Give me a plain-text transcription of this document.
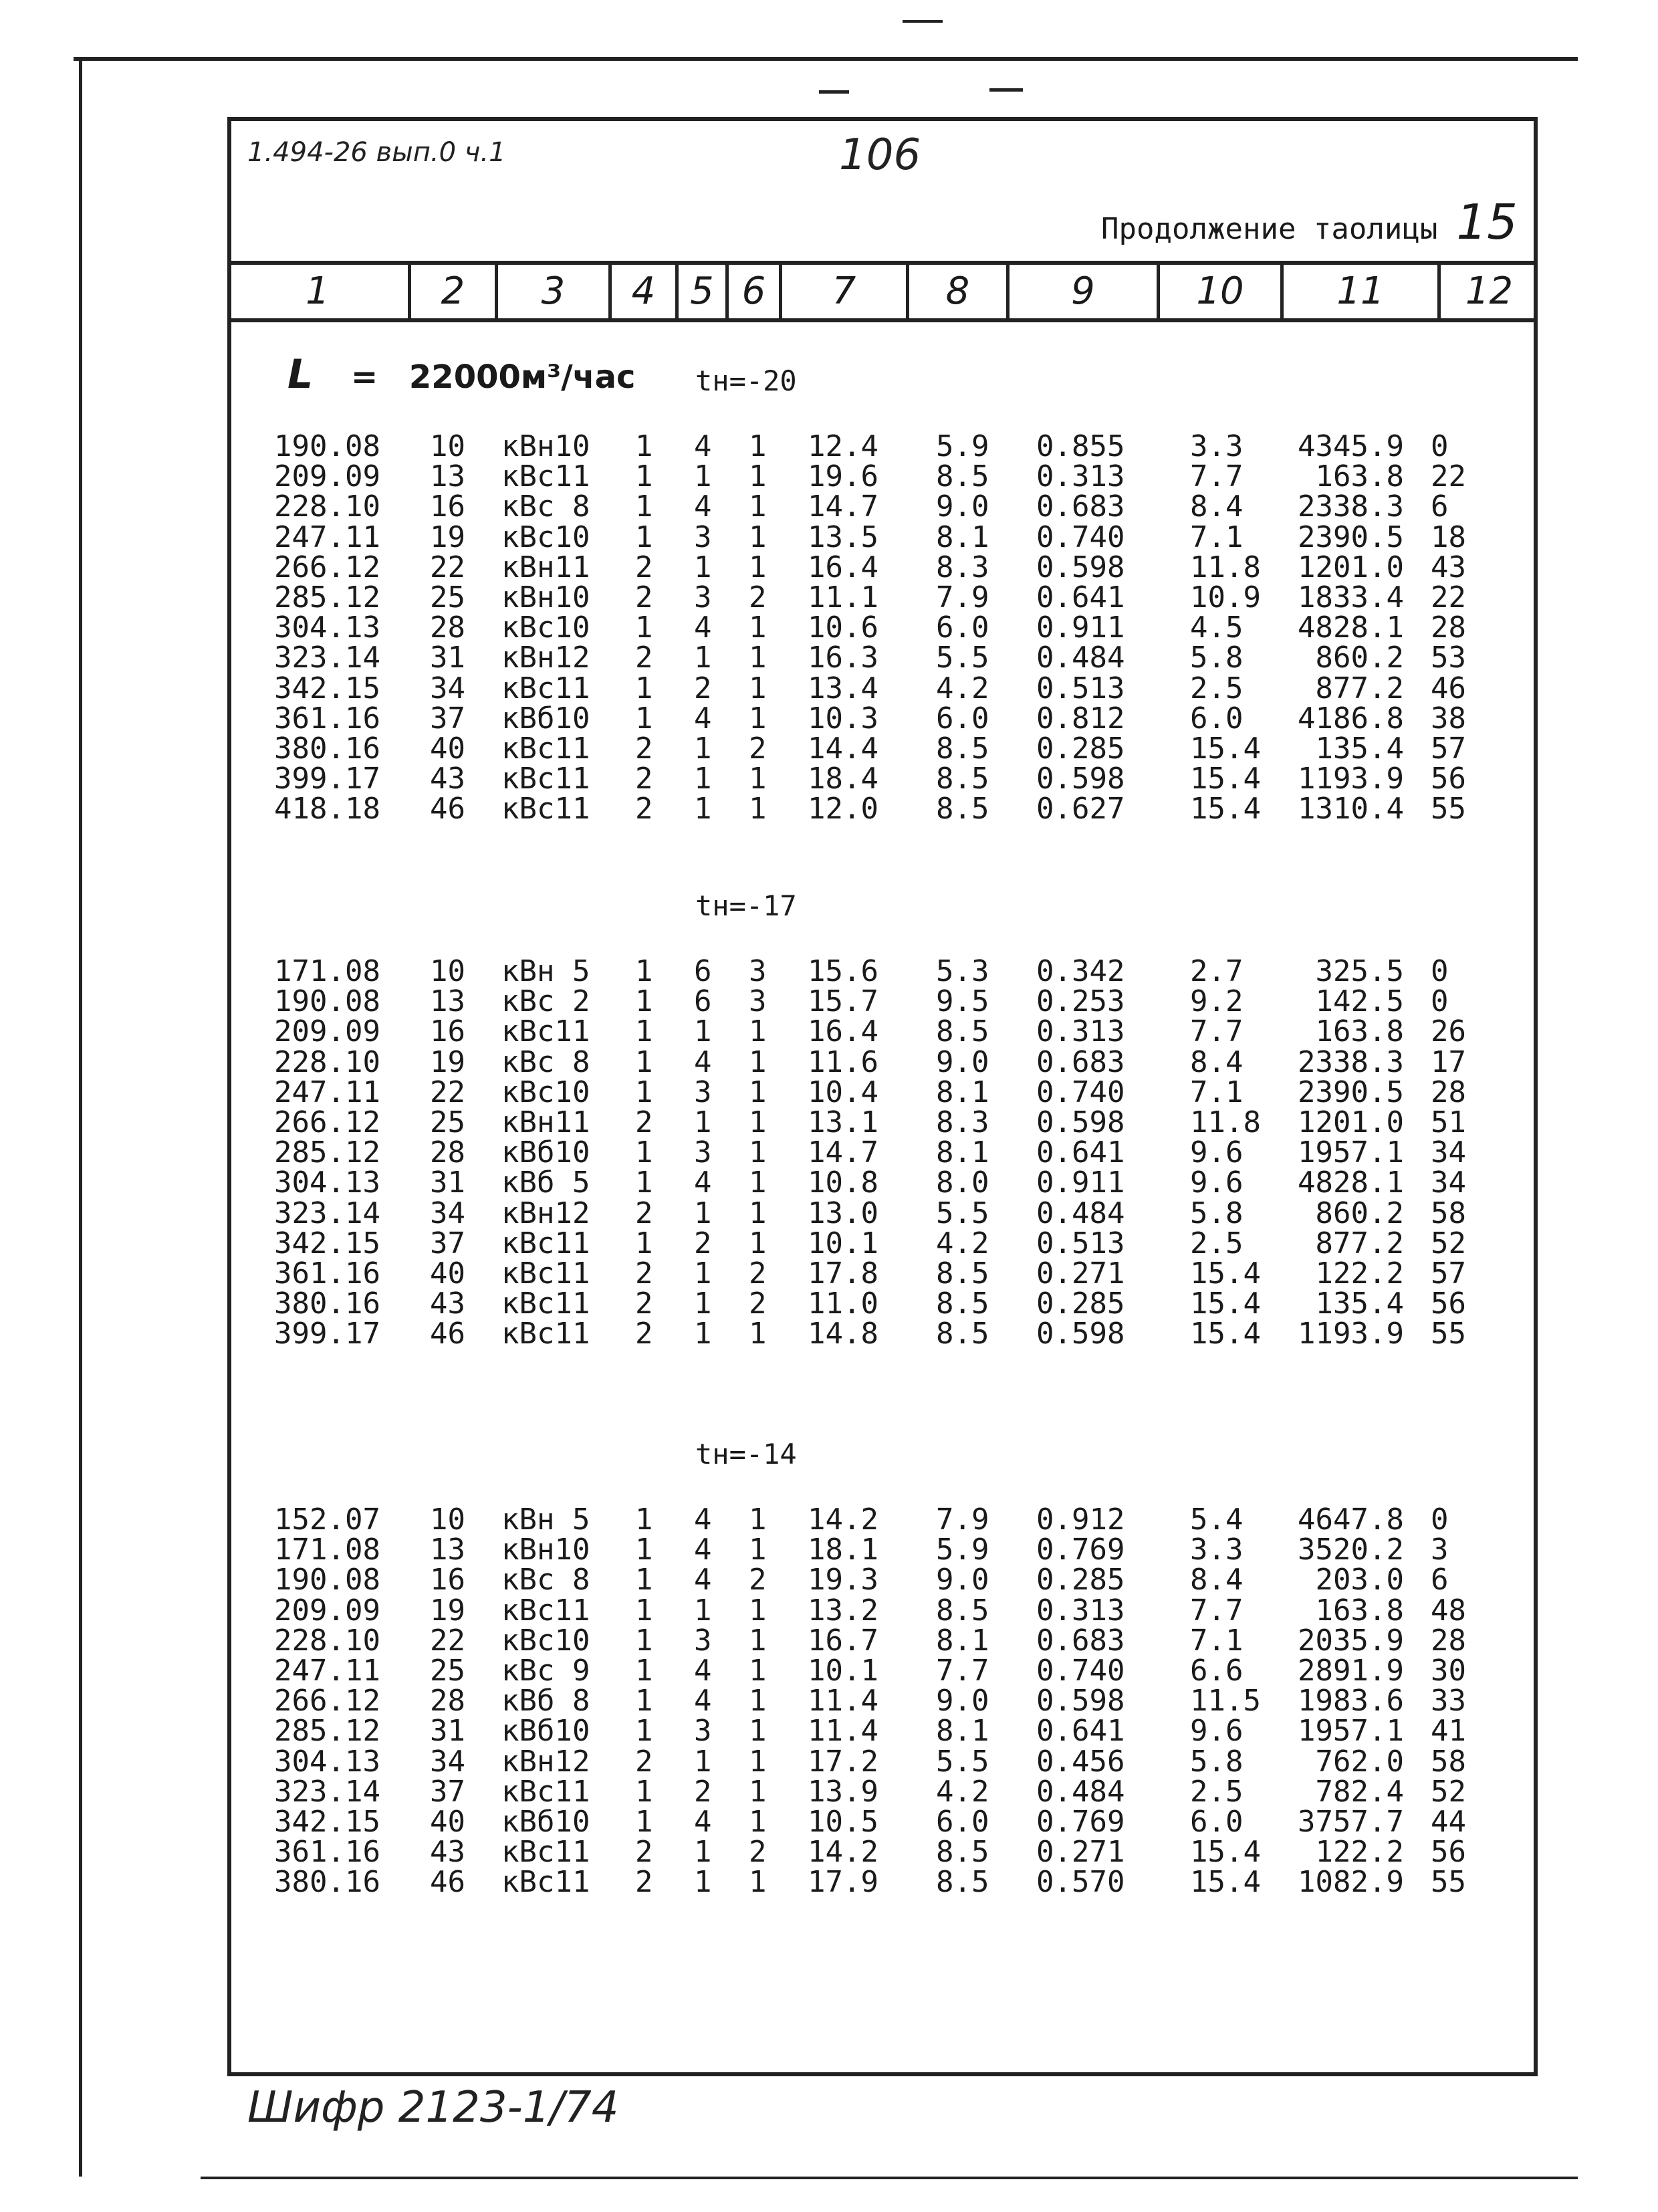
1.494-26 вып.0 ч.1	106
Продолжение таолицы 15
1	2	3	4 5 6	7	8	9	10	11	12
L = 22000м³/час tн=-20
190.08 10 кВн10 1 4 1 12.4 5.9 0.855 3.3 4345.9 0
209.09 13 кВс11 1 1 1 19.6 8.5 0.313 7.7 163.8 22
228.10 16 кВс 8 1 4 1 14.7 9.0 0.683 8.4 2338.3 6
247.11 19 кВс10 1 3 1 13.5 8.1 0.740 7.1 2390.5 18
266.12 22 кВн11 2 1 1 16.4 8.3 0.598 11.8 1201.0 43
285.12 25 кВн10 2 3 2 11.1 7.9 0.641 10.9 1833.4 22
304.13 28 кВс10 1 4 1 10.6 6.0 0.911 4.5 4828.1 28
323.14 31 кВн12 2 1 1 16.3 5.5 0.484 5.8 860.2 53
342.15 34 кВс11 1 2 1 13.4 4.2 0.513 2.5 877.2 46
361.16 37 кВб10 1 4 1 10.3 6.0 0.812 6.0 4186.8 38
380.16 40 кВс11 2 1 2 14.4 8.5 0.285 15.4 135.4 57
399.17 43 кВс11 2 1 1 18.4 8.5 0.598 15.4 1193.9 56
418.18 46 кВс11 2 1 1 12.0 8.5 0.627 15.4 1310.4 55
tн=-17
171.08 10 кВн 5 1 6 3 15.6 5.3 0.342 2.7 325.5 0
190.08 13 кВс 2 1 6 3 15.7 9.5 0.253 9.2 142.5 0
209.09 16 кВс11 1 1 1 16.4 8.5 0.313 7.7 163.8 26
228.10 19 кВс 8 1 4 1 11.6 9.0 0.683 8.4 2338.3 17
247.11 22 кВс10 1 3 1 10.4 8.1 0.740 7.1 2390.5 28
266.12 25 кВн11 2 1 1 13.1 8.3 0.598 11.8 1201.0 51
285.12 28 кВб10 1 3 1 14.7 8.1 0.641 9.6 1957.1 34
304.13 31 кВб 5 1 4 1 10.8 8.0 0.911 9.6 4828.1 34
323.14 34 кВн12 2 1 1 13.0 5.5 0.484 5.8 860.2 58
342.15 37 кВс11 1 2 1 10.1 4.2 0.513 2.5 877.2 52
361.16 40 кВс11 2 1 2 17.8 8.5 0.271 15.4 122.2 57
380.16 43 кВс11 2 1 2 11.0 8.5 0.285 15.4 135.4 56
399.17 46 кВс11 2 1 1 14.8 8.5 0.598 15.4 1193.9 55
tн=-14
152.07 10 кВн 5 1 4 1 14.2 7.9 0.912 5.4 4647.8 0
171.08 13 кВн10 1 4 1 18.1 5.9 0.769 3.3 3520.2 3
190.08 16 кВс 8 1 4 2 19.3 9.0 0.285 8.4 203.0 6
209.09 19 кВс11 1 1 1 13.2 8.5 0.313 7.7 163.8 48
228.10 22 кВс10 1 3 1 16.7 8.1 0.683 7.1 2035.9 28
247.11 25 кВс 9 1 4 1 10.1 7.7 0.740 6.6 2891.9 30
266.12 28 кВб 8 1 4 1 11.4 9.0 0.598 11.5 1983.6 33
285.12 31 кВб10 1 3 1 11.4 8.1 0.641 9.6 1957.1 41
304.13 34 кВн12 2 1 1 17.2 5.5 0.456 5.8 762.0 58
323.14 37 кВс11 1 2 1 13.9 4.2 0.484 2.5 782.4 52
342.15 40 кВб10 1 4 1 10.5 6.0 0.769 6.0 3757.7 44
361.16 43 кВс11 2 1 2 14.2 8.5 0.271 15.4 122.2 56
380.16 46 кВс11 2 1 1 17.9 8.5 0.570 15.4 1082.9 55
Шифр 2123-1/74
